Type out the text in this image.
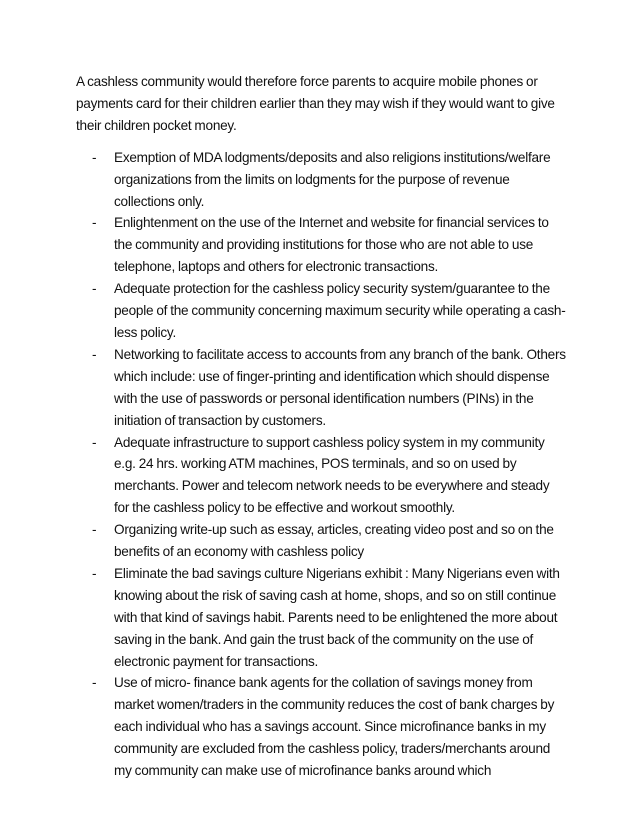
A cashless community would therefore force parents to acquire mobile phones or payments card for their children earlier than they may wish if they would want to give their children pocket money.

- Exemption of MDA lodgments/deposits and also religions institutions/welfare organizations from the limits on lodgments for the purpose of revenue collections only.
- Enlightenment on the use of the Internet and website for financial services to the community and providing institutions for those who are not able to use telephone, laptops and others for electronic transactions.
- Adequate protection for the cashless policy security system/guarantee to the people of the community concerning maximum security while operating a cash-less policy.
- Networking to facilitate access to accounts from any branch of the bank. Others which include: use of finger-printing and identification which should dispense with the use of passwords or personal identification numbers (PINs) in the initiation of transaction by customers.
- Adequate infrastructure to support cashless policy system in my community e.g. 24 hrs. working ATM machines, POS terminals, and so on used by merchants. Power and telecom network needs to be everywhere and steady for the cashless policy to be effective and workout smoothly.
- Organizing write-up such as essay, articles, creating video post and so on the benefits of an economy with cashless policy
- Eliminate the bad savings culture Nigerians exhibit : Many Nigerians even with knowing about the risk of saving cash at home, shops, and so on still continue with that kind of savings habit. Parents need to be enlightened the more about saving in the bank. And gain the trust back of the community on the use of electronic payment for transactions.
- Use of micro- finance bank agents for the collation of savings money from market women/traders in the community reduces the cost of bank charges by each individual who has a savings account. Since microfinance banks in my community are excluded from the cashless policy, traders/merchants around my community can make use of microfinance banks around which
